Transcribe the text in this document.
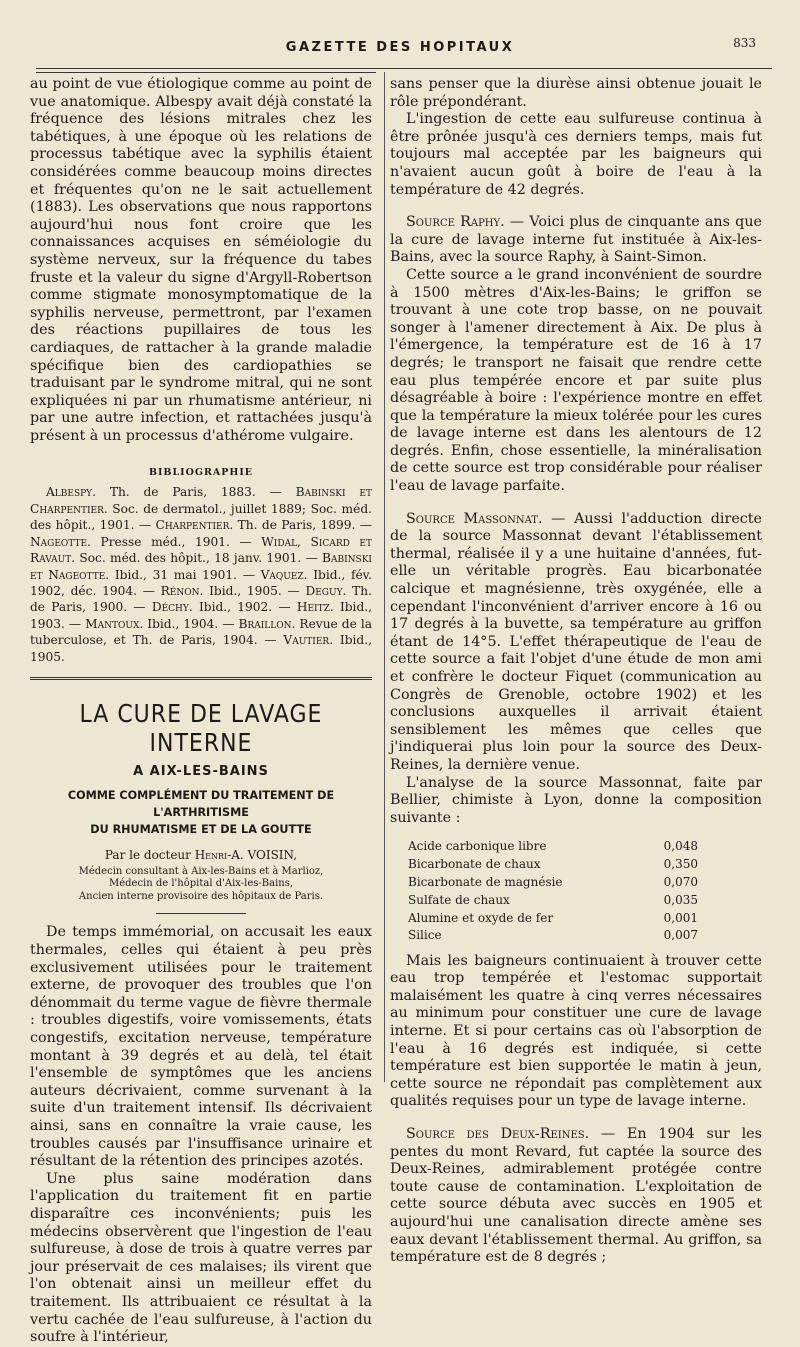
GAZETTE DES HOPITAUX	833

au point de vue étiologique comme au point de vue anatomique. Albespy avait déjà constaté la fréquence des lésions mitrales chez les tabétiques, à une époque où les relations de processus tabétique avec la syphilis étaient considérées comme beaucoup moins directes et fréquentes qu'on ne le sait actuellement (1883). Les observations que nous rapportons aujourd'hui nous font croire que les connaissances acquises en séméiologie du système nerveux, sur la fréquence du tabes fruste et la valeur du signe d'Argyll-Robertson comme stigmate monosymptomatique de la syphilis nerveuse, permettront, par l'examen des réactions pupillaires de tous les cardiaques, de rattacher à la grande maladie spécifique bien des cardiopathies se traduisant par le syndrome mitral, qui ne sont expliquées ni par un rhumatisme antérieur, ni par une autre infection, et rattachées jusqu'à présent à un processus d'athérome vulgaire.

BIBLIOGRAPHIE

Albespy. Th. de Paris, 1883. — Babinski et Charpentier. Soc. de dermatol., juillet 1889; Soc. méd. des hôpit., 1901. — Charpentier. Th. de Paris, 1899. — Nageotte. Presse méd., 1901. — Widal, Sicard et Ravaut. Soc. méd. des hôpit., 18 janv. 1901. — Babinski et Nageotte. Ibid., 31 mai 1901. — Vaquez. Ibid., fév. 1902, déc. 1904. — Rénon. Ibid., 1905. — Deguy. Th. de Paris, 1900. — Déchy. Ibid., 1902. — Heitz. Ibid., 1903. — Mantoux. Ibid., 1904. — Braillon. Revue de la tuberculose, et Th. de Paris, 1904. — Vautier. Ibid., 1905.

LA CURE DE LAVAGE INTERNE
A AIX-LES-BAINS
COMME COMPLÉMENT DU TRAITEMENT DE L'ARTHRITISME
DU RHUMATISME ET DE LA GOUTTE
Par le docteur Henri-A. VOISIN,
Médecin consultant à Aix-les-Bains et à Marlioz,
Médecin de l'hôpital d'Aix-les-Bains,
Ancien interne provisoire des hôpitaux de Paris.

De temps immémorial, on accusait les eaux thermales, celles qui étaient à peu près exclusivement utilisées pour le traitement externe, de provoquer des troubles que l'on dénommait du terme vague de fièvre thermale : troubles digestifs, voire vomissements, états congestifs, excitation nerveuse, température montant à 39 degrés et au delà, tel était l'ensemble de symptômes que les anciens auteurs décrivaient, comme survenant à la suite d'un traitement intensif. Ils décrivaient ainsi, sans en connaître la vraie cause, les troubles causés par l'insuffisance urinaire et résultant de la rétention des principes azotés.

Une plus saine modération dans l'application du traitement fit en partie disparaître ces inconvénients; puis les médecins observèrent que l'ingestion de l'eau sulfureuse, à dose de trois à quatre verres par jour préservait de ces malaises; ils virent que l'on obtenait ainsi un meilleur effet du traitement. Ils attribuaient ce résultat à la vertu cachée de l'eau sulfureuse, à l'action du soufre à l'intérieur,

sans penser que la diurèse ainsi obtenue jouait le rôle prépondérant.

L'ingestion de cette eau sulfureuse continua à être prônée jusqu'à ces derniers temps, mais fut toujours mal acceptée par les baigneurs qui n'avaient aucun goût à boire de l'eau à la température de 42 degrés.

Source Raphy. — Voici plus de cinquante ans que la cure de lavage interne fut instituée à Aix-les-Bains, avec la source Raphy, à Saint-Simon.

Cette source a le grand inconvénient de sourdre à 1500 mètres d'Aix-les-Bains; le griffon se trouvant à une cote trop basse, on ne pouvait songer à l'amener directement à Aix. De plus à l'émergence, la température est de 16 à 17 degrés; le transport ne faisait que rendre cette eau plus tempérée encore et par suite plus désagréable à boire : l'expérience montre en effet que la température la mieux tolérée pour les cures de lavage interne est dans les alentours de 12 degrés. Enfin, chose essentielle, la minéralisation de cette source est trop considérable pour réaliser l'eau de lavage parfaite.

Source Massonnat. — Aussi l'adduction directe de la source Massonnat devant l'établissement thermal, réalisée il y a une huitaine d'années, fut-elle un véritable progrès. Eau bicarbonatée calcique et magnésienne, très oxygénée, elle a cependant l'inconvénient d'arriver encore à 16 ou 17 degrés à la buvette, sa température au griffon étant de 14°5. L'effet thérapeutique de l'eau de cette source a fait l'objet d'une étude de mon ami et confrère le docteur Fiquet (communication au Congrès de Grenoble, octobre 1902) et les conclusions auxquelles il arrivait étaient sensiblement les mêmes que celles que j'indiquerai plus loin pour la source des Deux-Reines, la dernière venue.

L'analyse de la source Massonnat, faite par Bellier, chimiste à Lyon, donne la composition suivante :

Acide carbonique libre	0,048
Bicarbonate de chaux	0,350
Bicarbonate de magnésie	0,070
Sulfate de chaux	0,035
Alumine et oxyde de fer	0,001
Silice	0,007

Mais les baigneurs continuaient à trouver cette eau trop tempérée et l'estomac supportait malaisément les quatre à cinq verres nécessaires au minimum pour constituer une cure de lavage interne. Et si pour certains cas où l'absorption de l'eau à 16 degrés est indiquée, si cette température est bien supportée le matin à jeun, cette source ne répondait pas complètement aux qualités requises pour un type de lavage interne.

Source des Deux-Reines. — En 1904 sur les pentes du mont Revard, fut captée la source des Deux-Reines, admirablement protégée contre toute cause de contamination. L'exploitation de cette source débuta avec succès en 1905 et aujourd'hui une canalisation directe amène ses eaux devant l'établissement thermal. Au griffon, sa température est de 8 degrés ;
